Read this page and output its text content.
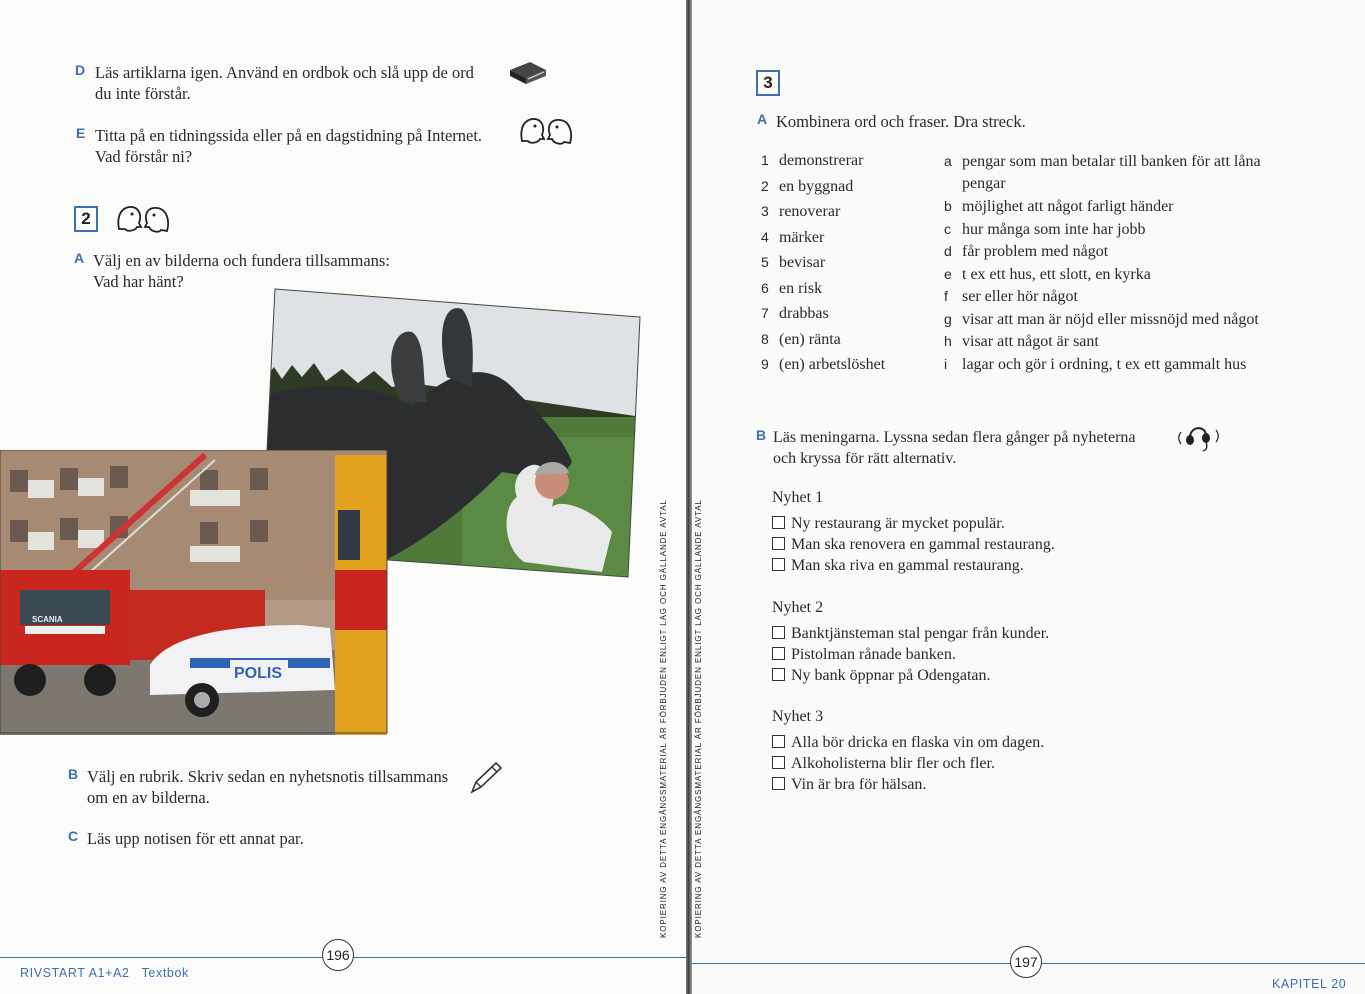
D Läs artiklarna igen. Använd en ordbok och slå upp de ord
du inte förstår.
E Titta på en tidningssida eller på en dagstidning på Internet.
Vad förstår ni?
2
A Välj en av bilderna och fundera tillsammans:
Vad har hänt?
POLIS
SCANIA
B Välj en rubrik. Skriv sedan en nyhetsnotis tillsammans
om en av bilderna.
C Läs upp notisen för ett annat par.
196
RIVSTART A1+A2 Textbok
KOPIERING AV DETTA ENGÅNGSMATERIAL ÄR FÖRBJUDEN ENLIGT LAG OCH GÄLLANDE AVTAL	KOPIERING AV DETTA ENGÅNGSMATERIAL ÄR FÖRBJUDEN ENLIGT LAG OCH GÄLLANDE AVTAL
3
A Kombinera ord och fraser. Dra streck.
1 demonstrerar
2 en byggnad
3 renoverar
4 märker
5 bevisar
6 en risk
7 drabbas
8 (en) ränta
9 (en) arbetslöshet
a pengar som man betalar till banken för att låna
pengar
b möjlighet att något farligt händer
c hur många som inte har jobb
d får problem med något
e t ex ett hus, ett slott, en kyrka
f ser eller hör något
g visar att man är nöjd eller missnöjd med något
h visar att något är sant
i lagar och gör i ordning, t ex ett gammalt hus
B Läs meningarna. Lyssna sedan flera gånger på nyheterna
och kryssa för rätt alternativ.
Nyhet 1
Ny restaurang är mycket populär.
Man ska renovera en gammal restaurang.
Man ska riva en gammal restaurang.
Nyhet 2
Banktjänsteman stal pengar från kunder.
Pistolman rånade banken.
Ny bank öppnar på Odengatan.
Nyhet 3
Alla bör dricka en flaska vin om dagen.
Alkoholisterna blir fler och fler.
Vin är bra för hälsan.
197
KAPITEL 20
